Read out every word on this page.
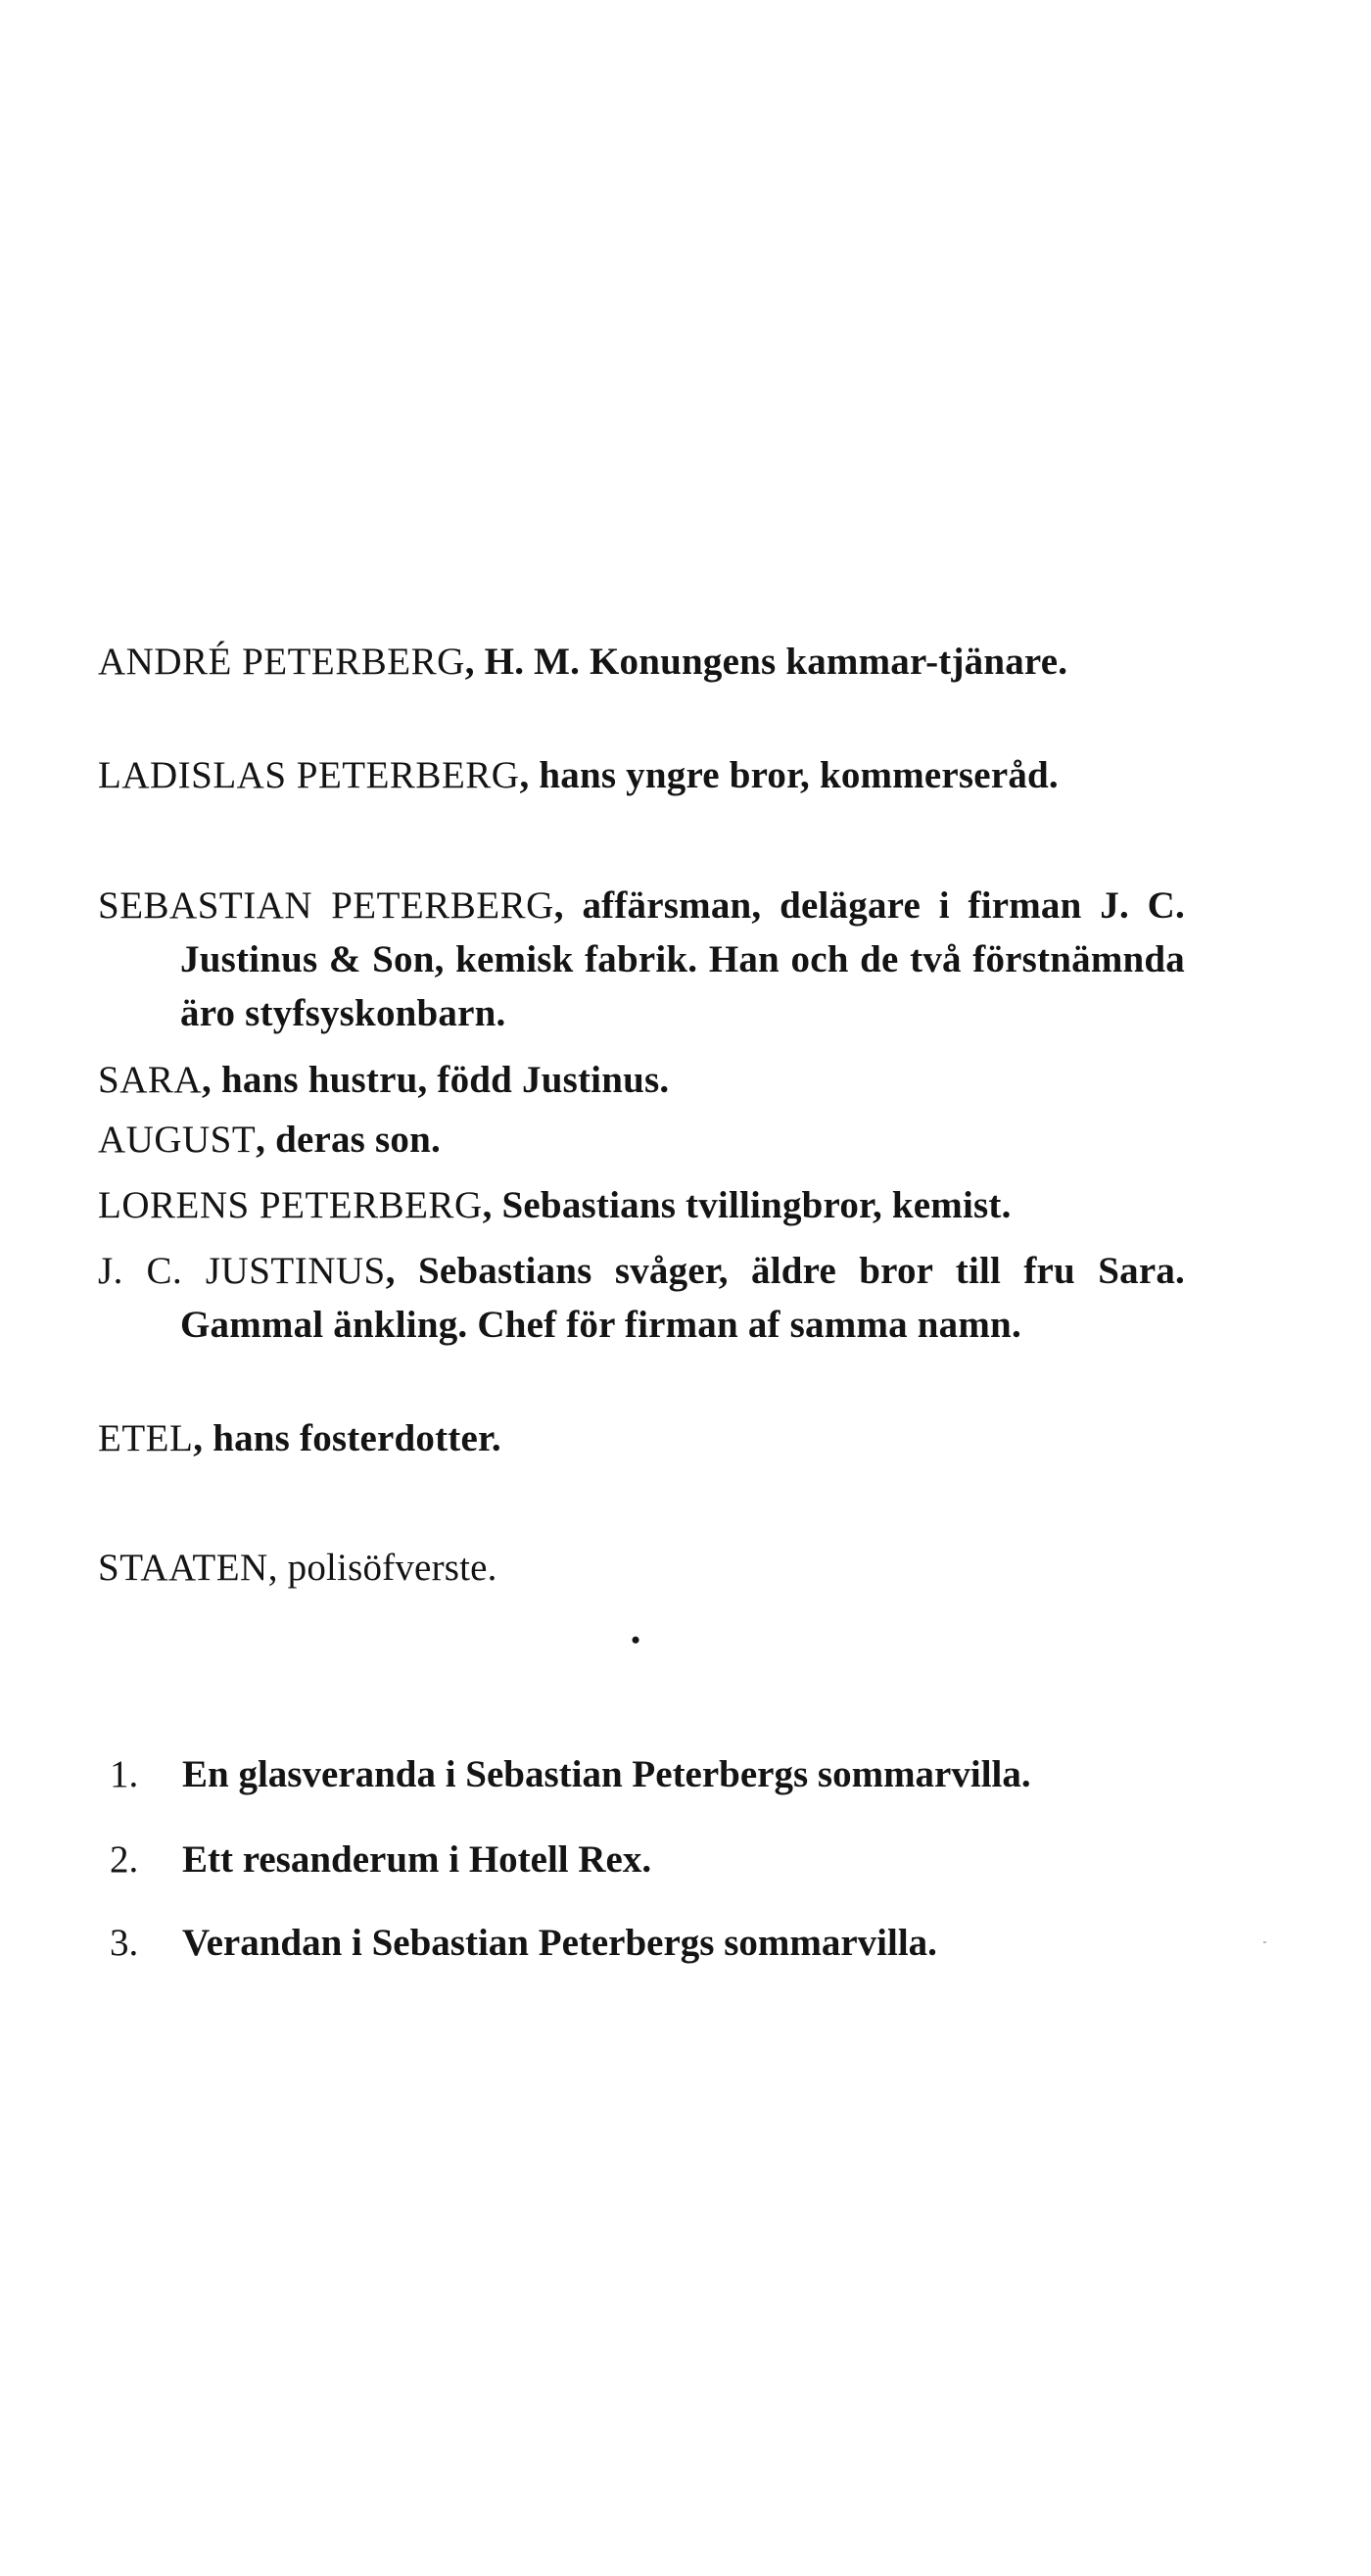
ANDRÉ PETERBERG, H. M. Konungens kammar-tjänare.
LADISLAS PETERBERG, hans yngre bror, kommerseråd.
SEBASTIAN PETERBERG, affärsman, delägare i firman J. C. Justinus & Son, kemisk fabrik. Han och de två förstnämnda äro styfsyskonbarn.
SARA, hans hustru, född Justinus.
AUGUST, deras son.
LORENS PETERBERG, Sebastians tvillingbror, kemist.
J. C. JUSTINUS, Sebastians svåger, äldre bror till fru Sara. Gammal änkling. Chef för firman af samma namn.
ETEL, hans fosterdotter.
STAATEN, polisöfverste.
•
1. En glasveranda i Sebastian Peterbergs sommarvilla.
2. Ett resanderum i Hotell Rex.
3. Verandan i Sebastian Peterbergs sommarvilla.
